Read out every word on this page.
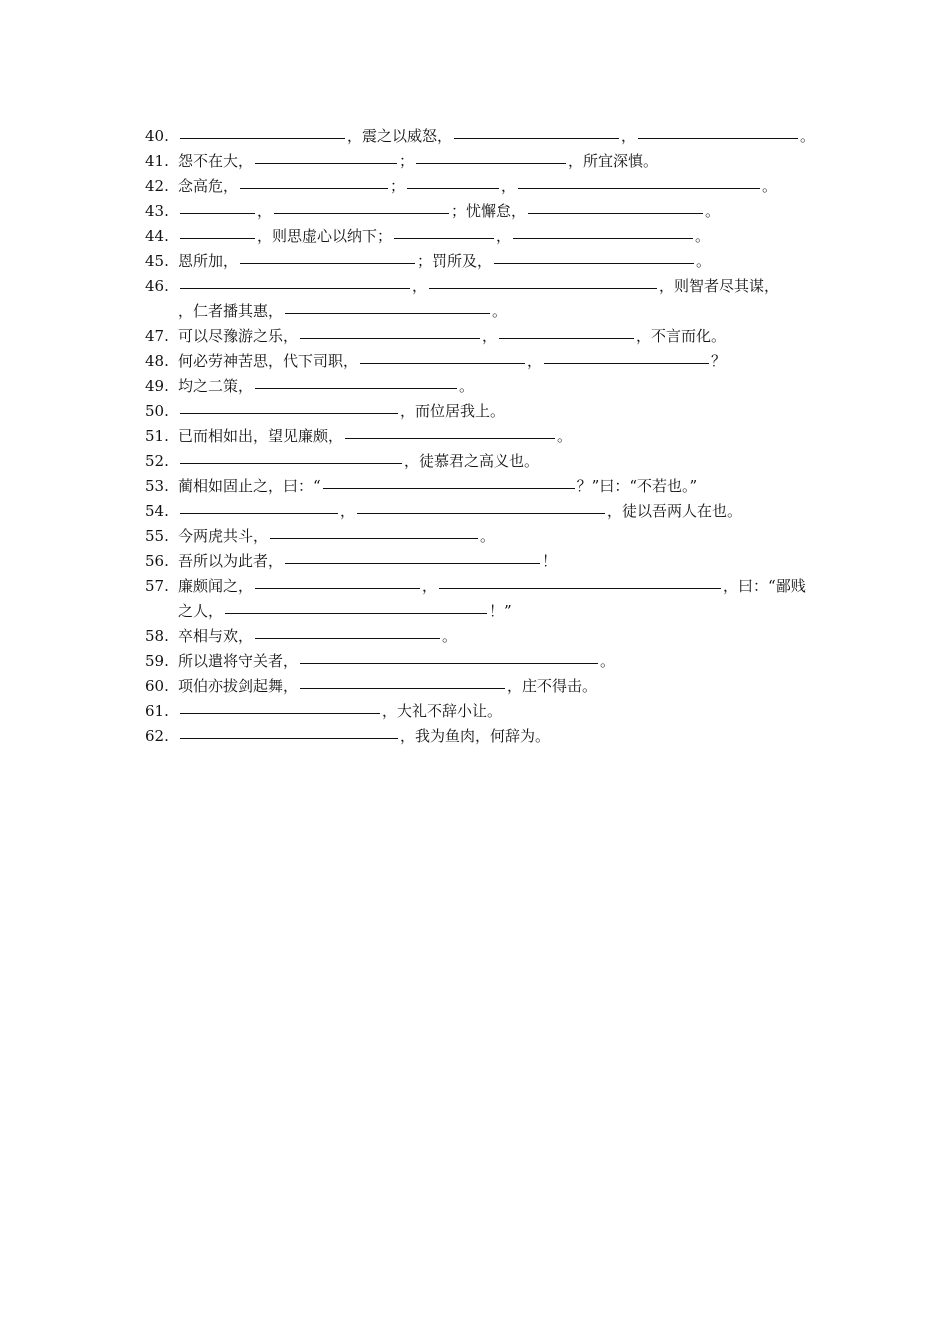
40.	，震之以威怒，	，	。
41. 怨不在大，	；	，所宜深慎。
42. 念高危，	；	，	。
43.	，	；忧懈怠，	。
44.	，则思虚心以纳下；	，	。
45. 恩所加，	；罚所及，	。
46.	，	，则智者尽其谋，
，仁者播其惠，	。
47. 可以尽豫游之乐，	，	，不言而化。
48. 何必劳神苦思，代下司职，	，	？
49. 均之二策，	。
50.	，而位居我上。
51. 已而相如出，望见廉颇，	。
52.	，徒慕君之高义也。
53. 蔺相如固止之，曰：“	？”曰：“不若也。”
54.	，	，徒以吾两人在也。
55. 今两虎共斗，	。
56. 吾所以为此者，	！
57. 廉颇闻之，	，	，曰：“鄙贱
之人，	！”
58. 卒相与欢，	。
59. 所以遣将守关者，	。
60. 项伯亦拔剑起舞，	，庄不得击。
61.	，大礼不辞小让。
62.	，我为鱼肉，何辞为。
